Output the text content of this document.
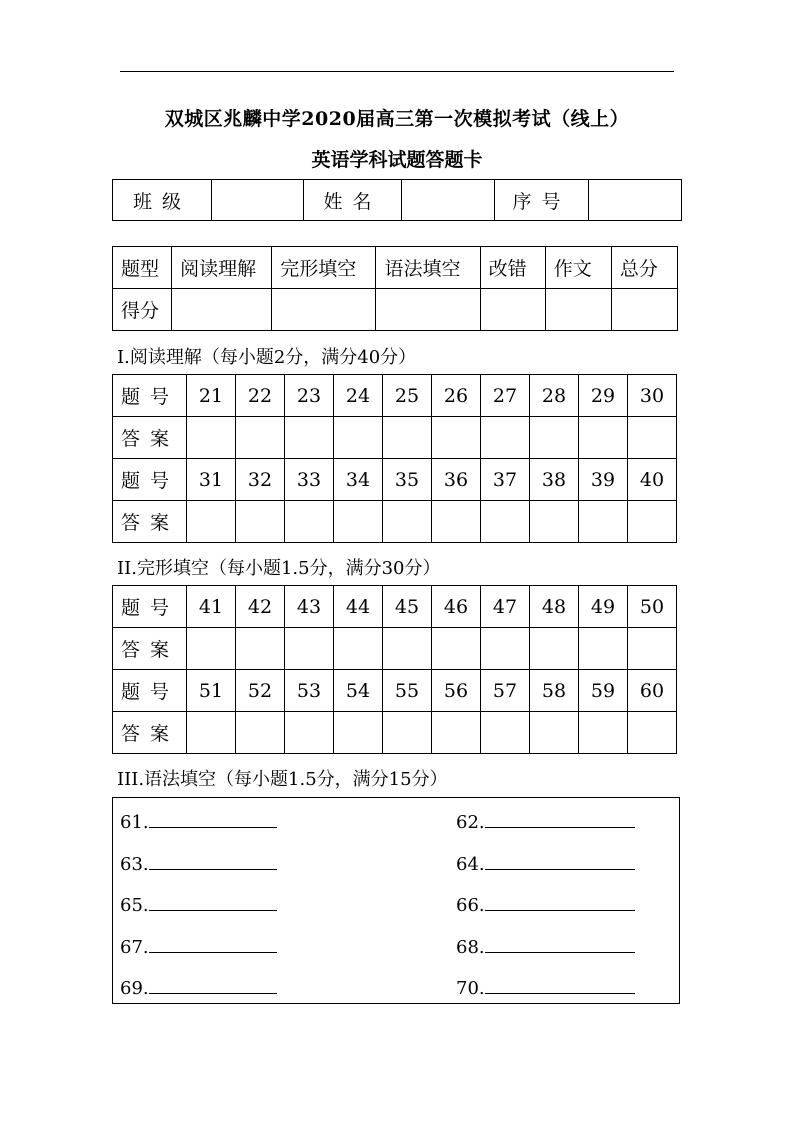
双城区兆麟中学2020届高三第一次模拟考试（线上）
英语学科试题答题卡
班级		姓名		序号	
题型	阅读理解	完形填空	语法填空	改错	作文	总分
得分						
I.阅读理解（每小题2分，满分40分）
题号	21	22	23	24	25	26	27	28	29	30
答案										
题号	31	32	33	34	35	36	37	38	39	40
答案										
II.完形填空（每小题1.5分，满分30分）
题号	41	42	43	44	45	46	47	48	49	50
答案										
题号	51	52	53	54	55	56	57	58	59	60
答案										
III.语法填空（每小题1.5分，满分15分）
61.	62.
63.	64.
65.	66.
67.	68.
69.	70.
